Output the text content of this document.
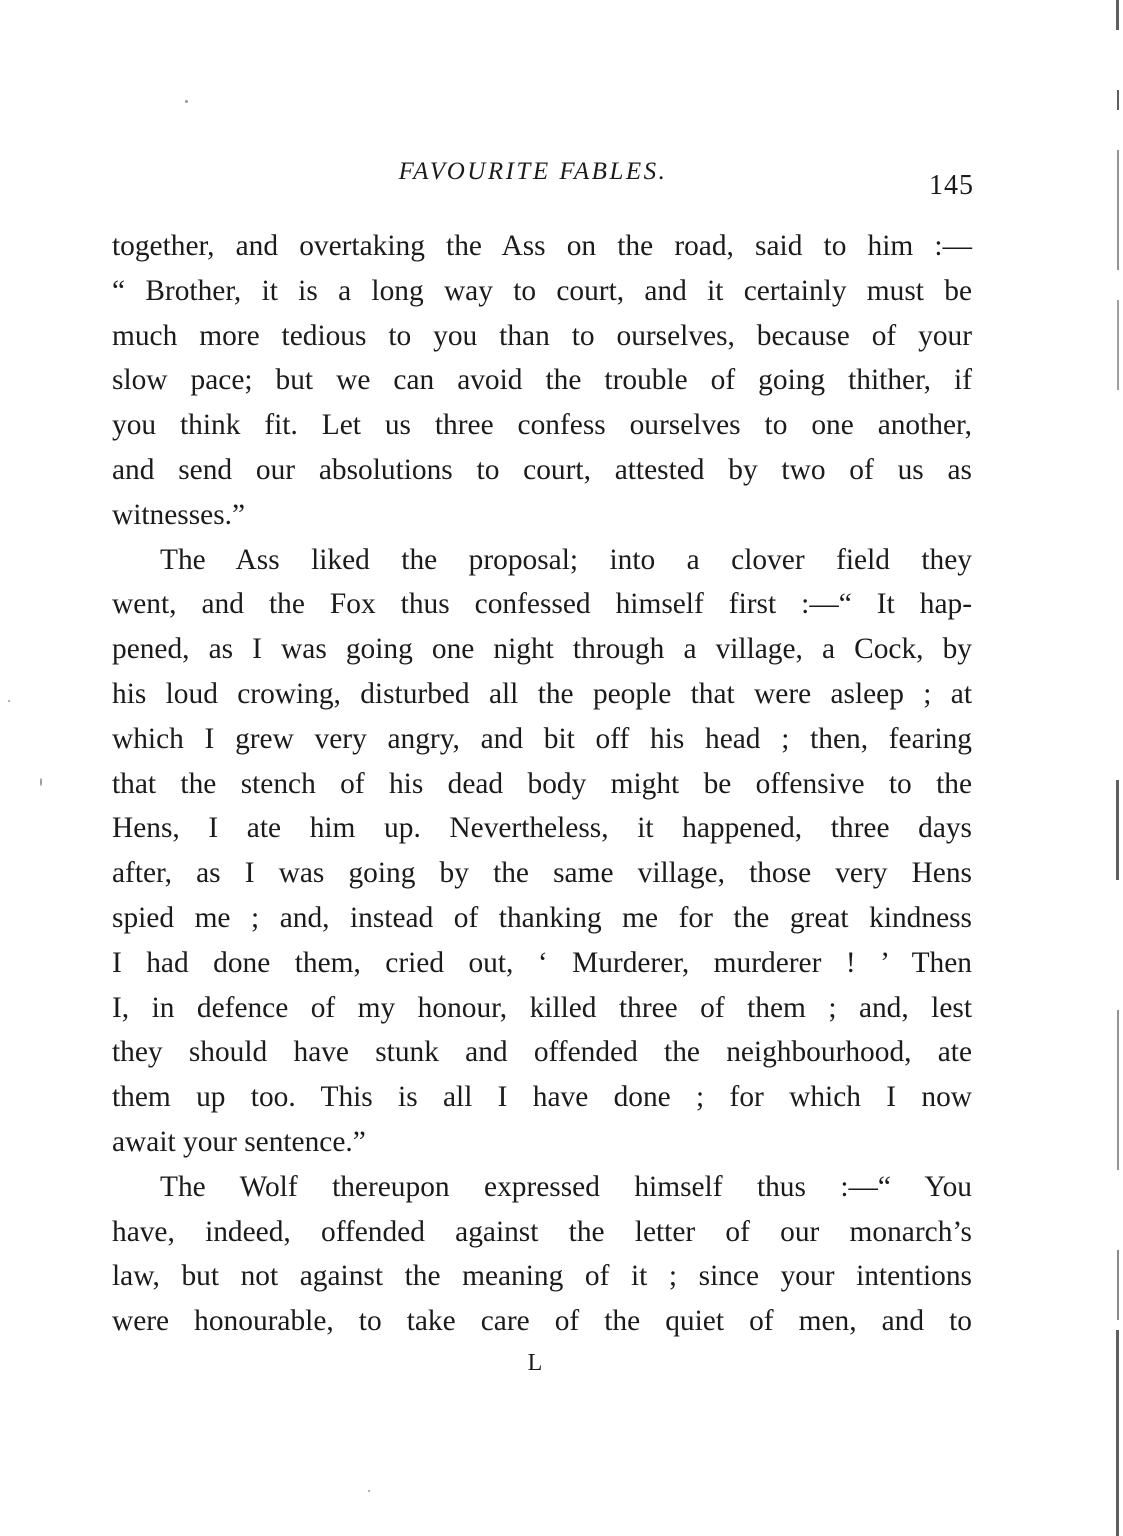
FAVOURITE FABLES.	145
together, and overtaking the Ass on the road, said to him :—
“ Brother, it is a long way to court, and it certainly must be
much more tedious to you than to ourselves, because of your
slow pace; but we can avoid the trouble of going thither, if
you think fit. Let us three confess ourselves to one another,
and send our absolutions to court, attested by two of us as
witnesses.”
The Ass liked the proposal; into a clover field they
went, and the Fox thus confessed himself first :—“ It hap-
pened, as I was going one night through a village, a Cock, by
his loud crowing, disturbed all the people that were asleep ; at
which I grew very angry, and bit off his head ; then, fearing
that the stench of his dead body might be offensive to the
Hens, I ate him up. Nevertheless, it happened, three days
after, as I was going by the same village, those very Hens
spied me ; and, instead of thanking me for the great kindness
I had done them, cried out, ‘ Murderer, murderer ! ’ Then
I, in defence of my honour, killed three of them ; and, lest
they should have stunk and offended the neighbourhood, ate
them up too. This is all I have done ; for which I now
await your sentence.”
The Wolf thereupon expressed himself thus :—“ You
have, indeed, offended against the letter of our monarch’s
law, but not against the meaning of it ; since your intentions
were honourable, to take care of the quiet of men, and to
L
